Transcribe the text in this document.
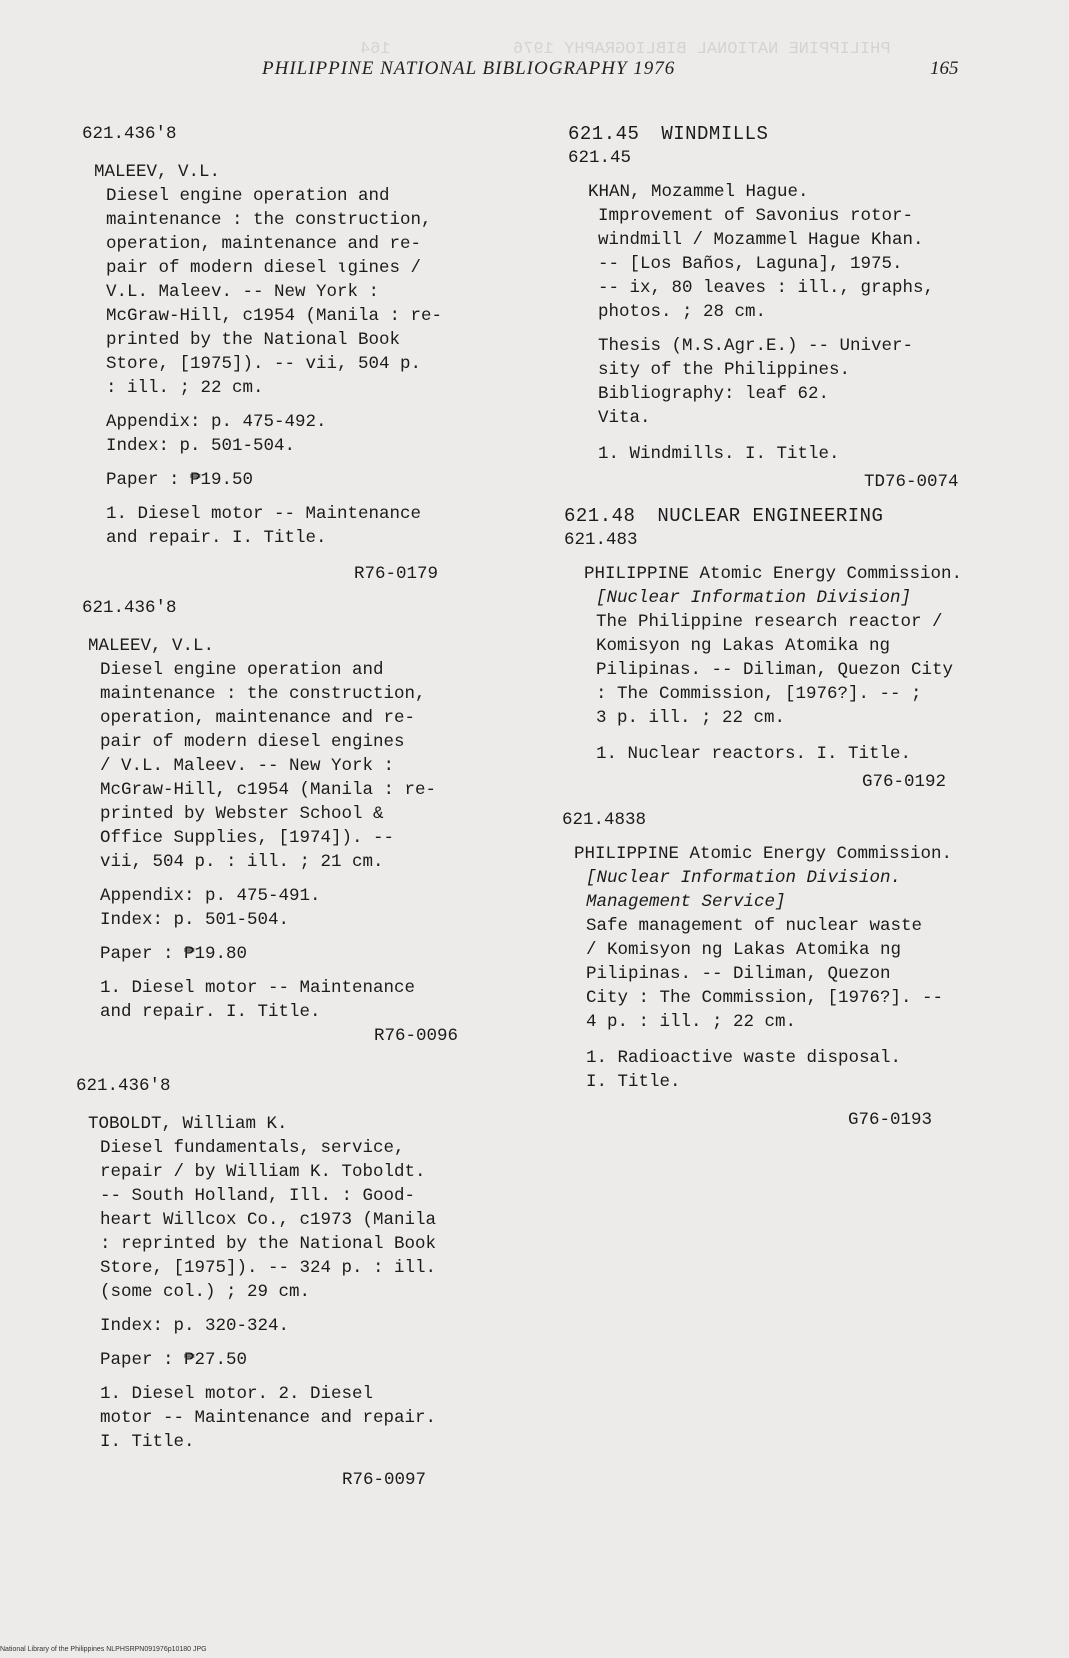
PHILIPPINE NATIONAL BIBLIOGRAPHY 1976            164
PHILIPPINE NATIONAL BIBLIOGRAPHY 1976	165
621.436'8
MALEEV, V.L.
Diesel engine operation and
maintenance : the construction,
operation, maintenance and re-
pair of modern diesel ɩgines /
V.L. Maleev. -- New York :
McGraw-Hill, c1954 (Manila : re-
printed by the National Book
Store, [1975]). -- vii, 504 p.
: ill. ; 22 cm.
Appendix: p. 475-492.
Index: p. 501-504.
Paper : ₱19.50
1. Diesel motor -- Maintenance
and repair. I. Title.
R76-0179
621.436'8
MALEEV, V.L.
Diesel engine operation and
maintenance : the construction,
operation, maintenance and re-
pair of modern diesel engines
/ V.L. Maleev. -- New York :
McGraw-Hill, c1954 (Manila : re-
printed by Webster School &
Office Supplies, [1974]). --
vii, 504 p. : ill. ; 21 cm.
Appendix: p. 475-491.
Index: p. 501-504.
Paper : ₱19.80
1. Diesel motor -- Maintenance
and repair. I. Title.
R76-0096
621.436'8
TOBOLDT, William K.
Diesel fundamentals, service,
repair / by William K. Toboldt.
-- South Holland, Ill. : Good-
heart Willcox Co., c1973 (Manila
: reprinted by the National Book
Store, [1975]). -- 324 p. : ill.
(some col.) ; 29 cm.
Index: p. 320-324.
Paper : ₱27.50
1. Diesel motor. 2. Diesel
motor -- Maintenance and repair.
I. Title.
R76-0097
621.45 WINDMILLS
621.45
KHAN, Mozammel Hague.
Improvement of Savonius rotor-
windmill / Mozammel Hague Khan.
-- [Los Baños, Laguna], 1975.
-- ix, 80 leaves : ill., graphs,
photos. ; 28 cm.
Thesis (M.S.Agr.E.) -- Univer-
sity of the Philippines.
Bibliography: leaf 62.
Vita.
1. Windmills. I. Title.
TD76-0074
621.48 NUCLEAR ENGINEERING
621.483
PHILIPPINE Atomic Energy Commission.
[Nuclear Information Division]
The Philippine research reactor /
Komisyon ng Lakas Atomika ng
Pilipinas. -- Diliman, Quezon City
: The Commission, [1976?]. -- ;
3 p. ill. ; 22 cm.
1. Nuclear reactors. I. Title.
G76-0192
621.4838
PHILIPPINE Atomic Energy Commission.
[Nuclear Information Division.
Management Service]
Safe management of nuclear waste
/ Komisyon ng Lakas Atomika ng
Pilipinas. -- Diliman, Quezon
City : The Commission, [1976?]. --
4 p. : ill. ; 22 cm.
1. Radioactive waste disposal.
I. Title.
G76-0193
National Library of the Philippines NLPHSRPN091976p10180 JPG
